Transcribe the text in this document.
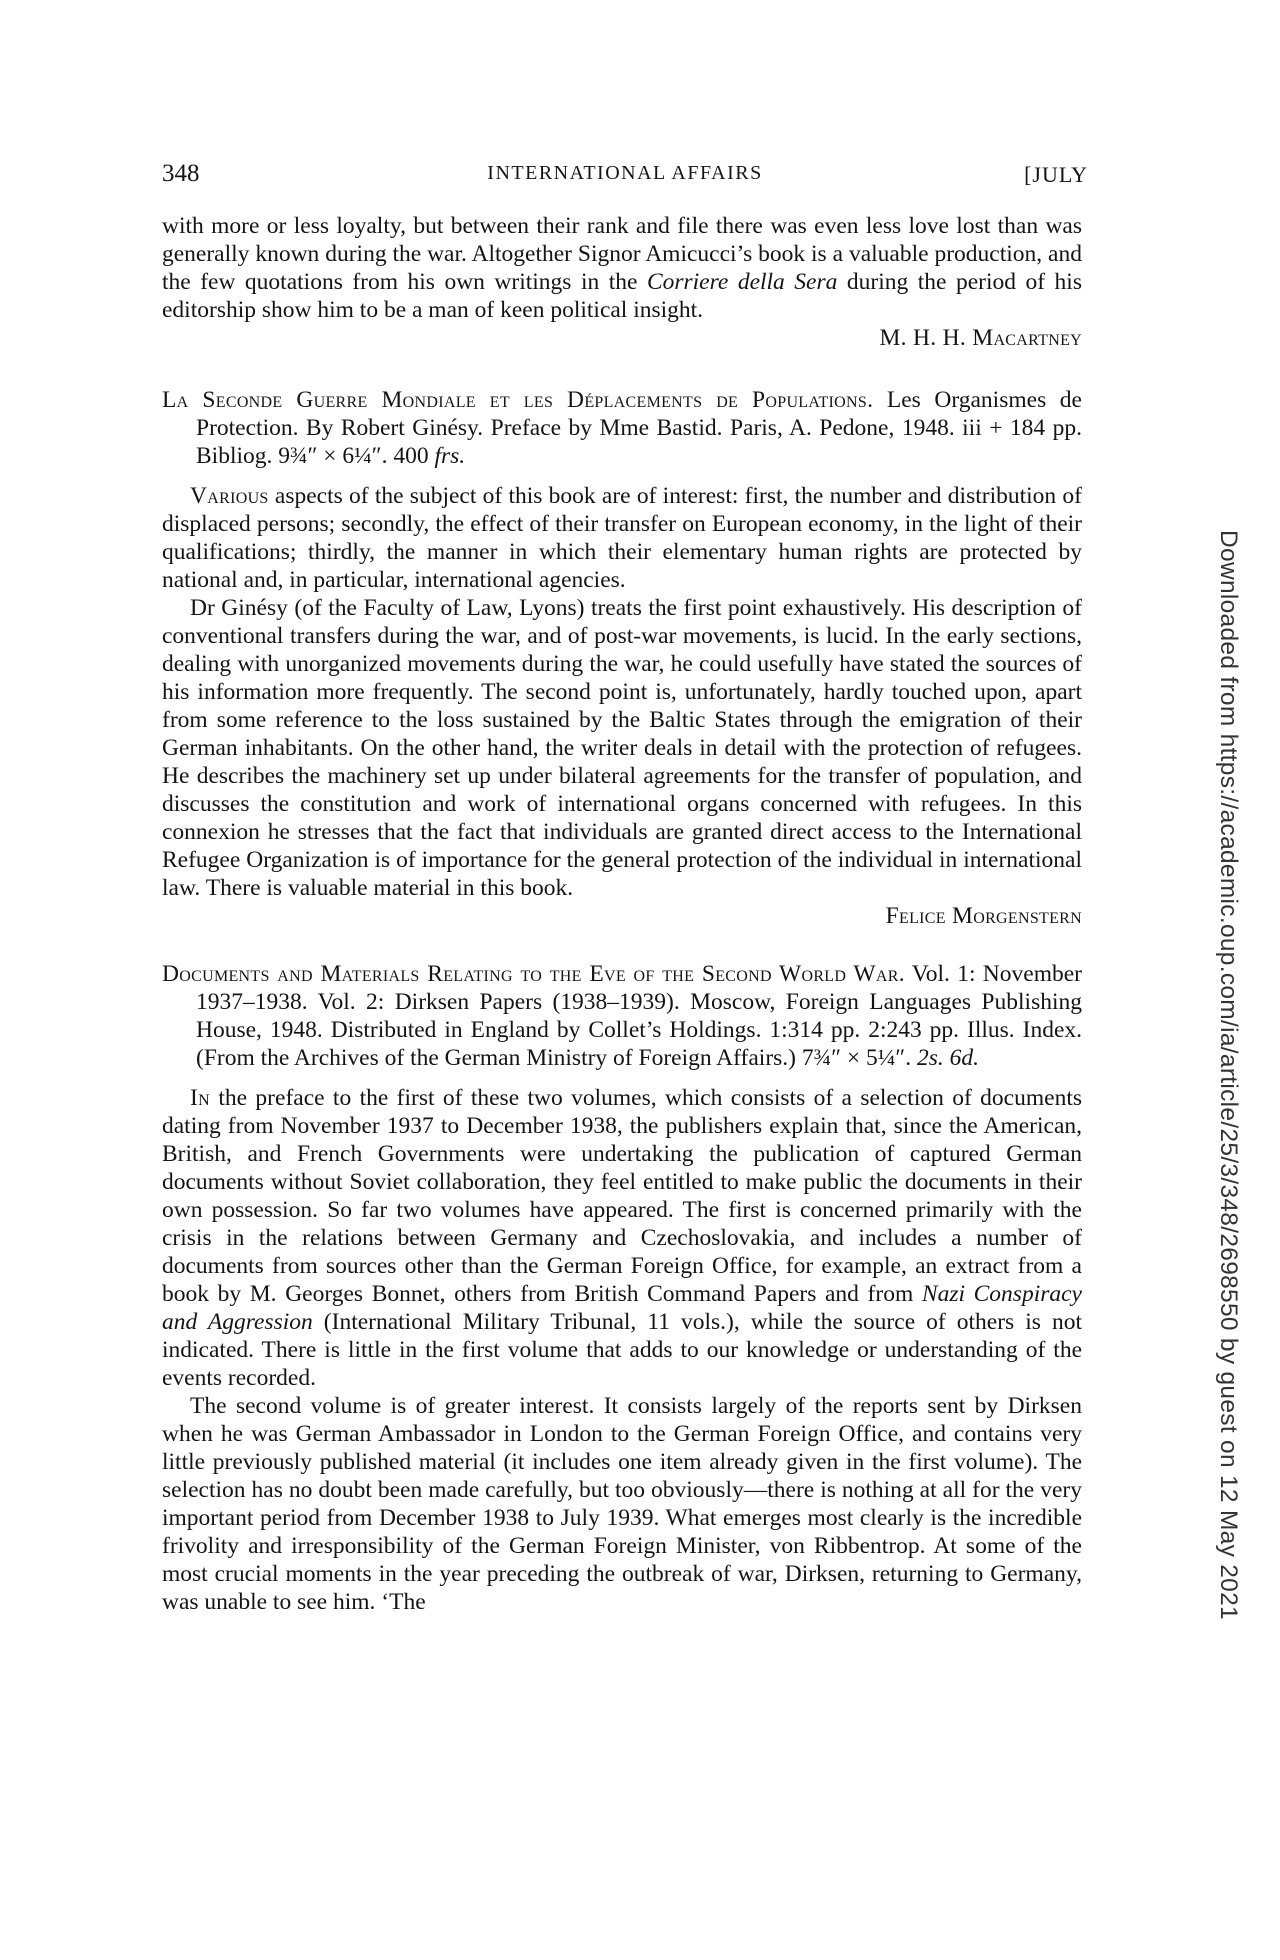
348	INTERNATIONAL AFFAIRS	[JULY

with more or less loyalty, but between their rank and file there was even less love lost than was generally known during the war. Altogether Signor Amicucci’s book is a valuable production, and the few quotations from his own writings in the Corriere della Sera during the period of his editorship show him to be a man of keen political insight.

M. H. H. Macartney

La Seconde Guerre Mondiale et les Déplacements de Populations. Les Organismes de Protection. By Robert Ginésy. Preface by Mme Bastid. Paris, A. Pedone, 1948. iii + 184 pp. Bibliog. 9¾″ × 6¼″. 400 frs.

Various aspects of the subject of this book are of interest: first, the number and distribution of displaced persons; secondly, the effect of their transfer on European economy, in the light of their qualifications; thirdly, the manner in which their elementary human rights are protected by national and, in particular, international agencies.

Dr Ginésy (of the Faculty of Law, Lyons) treats the first point exhaustively. His description of conventional transfers during the war, and of post-war movements, is lucid. In the early sections, dealing with unorganized movements during the war, he could usefully have stated the sources of his information more frequently. The second point is, unfortunately, hardly touched upon, apart from some reference to the loss sustained by the Baltic States through the emigration of their German inhabitants. On the other hand, the writer deals in detail with the protection of refugees. He describes the machinery set up under bilateral agreements for the transfer of population, and discusses the constitution and work of international organs concerned with refugees. In this connexion he stresses that the fact that individuals are granted direct access to the International Refugee Organization is of importance for the general protection of the individual in international law. There is valuable material in this book.

Felice Morgenstern

Documents and Materials Relating to the Eve of the Second World War. Vol. 1: November 1937–1938. Vol. 2: Dirksen Papers (1938–1939). Moscow, Foreign Languages Publishing House, 1948. Distributed in England by Collet’s Holdings. 1:314 pp. 2:243 pp. Illus. Index. (From the Archives of the German Ministry of Foreign Affairs.) 7¾″ × 5¼″. 2s. 6d.

In the preface to the first of these two volumes, which consists of a selection of documents dating from November 1937 to December 1938, the publishers explain that, since the American, British, and French Governments were undertaking the publication of captured German documents without Soviet collaboration, they feel entitled to make public the documents in their own possession. So far two volumes have appeared. The first is concerned primarily with the crisis in the relations between Germany and Czechoslovakia, and includes a number of documents from sources other than the German Foreign Office, for example, an extract from a book by M. Georges Bonnet, others from British Command Papers and from Nazi Conspiracy and Aggression (International Military Tribunal, 11 vols.), while the source of others is not indicated. There is little in the first volume that adds to our knowledge or understanding of the events recorded.

The second volume is of greater interest. It consists largely of the reports sent by Dirksen when he was German Ambassador in London to the German Foreign Office, and contains very little previously published material (it includes one item already given in the first volume). The selection has no doubt been made carefully, but too obviously—there is nothing at all for the very important period from December 1938 to July 1939. What emerges most clearly is the incredible frivolity and irresponsibility of the German Foreign Minister, von Ribbentrop. At some of the most crucial moments in the year preceding the outbreak of war, Dirksen, returning to Germany, was unable to see him. ‘The	Downloaded from https://academic.oup.com/ia/article/25/3/348/2698550 by guest on 12 May 2021
